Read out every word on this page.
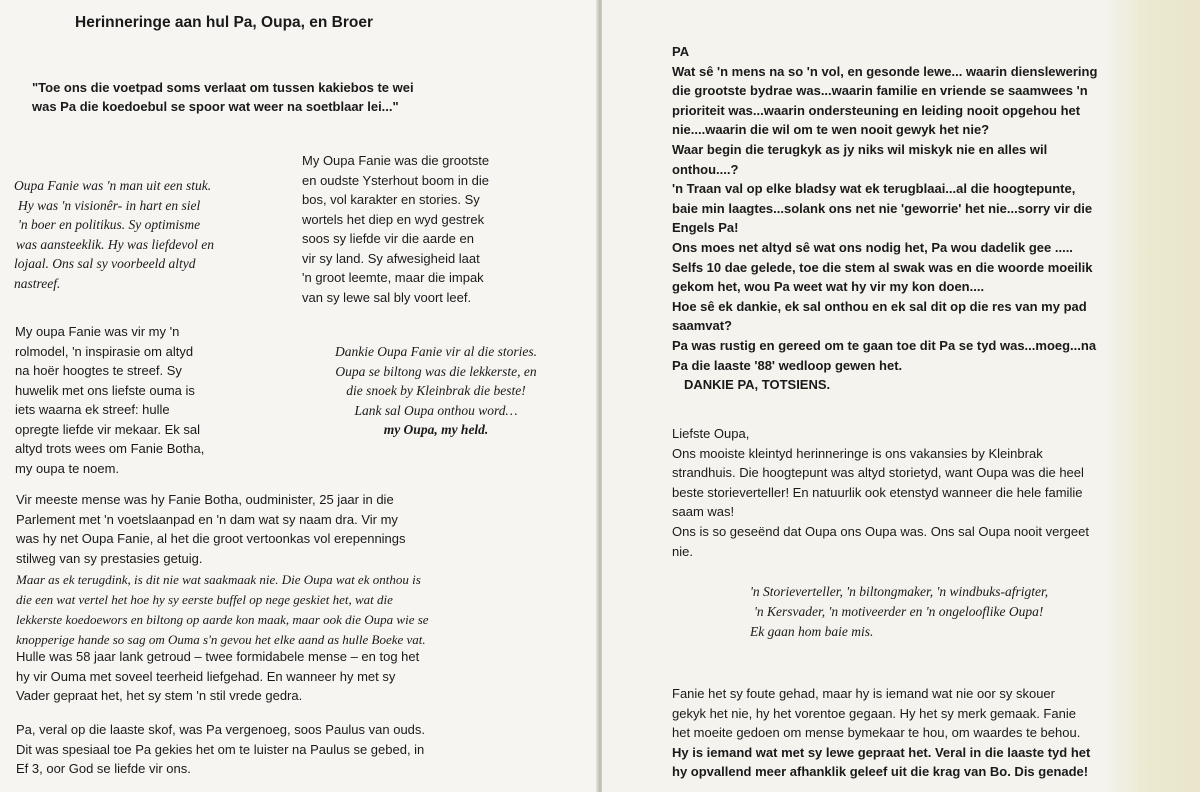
Herinneringe aan hul Pa, Oupa, en Broer
"Toe ons die voetpad soms verlaat om tussen kakiebos te wei
was Pa die koedoebul se spoor wat weer na soetblaar lei..."
Oupa Fanie was 'n man uit een stuk.
Hy was 'n visionêr- in hart en siel
'n boer en politikus. Sy optimisme
was aansteeklik. Hy was liefdevol en
lojaal. Ons sal sy voorbeeld altyd
nastreef.
My Oupa Fanie was die grootste
en oudste Ysterhout boom in die
bos, vol karakter en stories. Sy
wortels het diep en wyd gestrek
soos sy liefde vir die aarde en
vir sy land. Sy afwesigheid laat
'n groot leemte, maar die impak
van sy lewe sal bly voort leef.
My oupa Fanie was vir my 'n
rolmodel, 'n inspirasie om altyd
na hoër hoogtes te streef. Sy
huwelik met ons liefste ouma is
iets waarna ek streef: hulle
opregte liefde vir mekaar. Ek sal
altyd trots wees om Fanie Botha,
my oupa te noem.
Dankie Oupa Fanie vir al die stories.
Oupa se biltong was die lekkerste, en
die snoek by Kleinbrak die beste!
Lank sal Oupa onthou word…
my Oupa, my held.
Vir meeste mense was hy Fanie Botha, oudminister, 25 jaar in die
Parlement met 'n voetslaanpad en 'n dam wat sy naam dra. Vir my
was hy net Oupa Fanie, al het die groot vertoonkas vol erepennings
stilweg van sy prestasies getuig.
Maar as ek terugdink, is dit nie wat saakmaak nie. Die Oupa wat ek onthou is
die een wat vertel het hoe hy sy eerste buffel op nege geskiet het, wat die
lekkerste koedoewors en biltong op aarde kon maak, maar ook die Oupa wie se
knopperige hande so sag om Ouma s'n gevou het elke aand as hulle Boeke vat.
Hulle was 58 jaar lank getroud – twee formidabele mense – en tog het
hy vir Ouma met soveel teerheid liefgehad. En wanneer hy met sy
Vader gepraat het, het sy stem 'n stil vrede gedra.
Pa, veral op die laaste skof, was Pa vergenoeg, soos Paulus van ouds.
Dit was spesiaal toe Pa gekies het om te luister na Paulus se gebed, in
Ef 3, oor God se liefde vir ons.
PA
Wat sê 'n mens na so 'n vol, en gesonde lewe... waarin dienslewering
die grootste bydrae was...waarin familie en vriende se saamwees 'n
prioriteit was...waarin ondersteuning en leiding nooit opgehou het
nie....waarin die wil om te wen nooit gewyk het nie?
Waar begin die terugkyk as jy niks wil miskyk nie en alles wil
onthou....?
'n Traan val op elke bladsy wat ek terugblaai...al die hoogtepunte,
baie min laagtes...solank ons net nie 'geworrie' het nie...sorry vir die
Engels Pa!
Ons moes net altyd sê wat ons nodig het, Pa wou dadelik gee .....
Selfs 10 dae gelede, toe die stem al swak was en die woorde moeilik
gekom het, wou Pa weet wat hy vir my kon doen....
Hoe sê ek dankie, ek sal onthou en ek sal dit op die res van my pad
saamvat?
Pa was rustig en gereed om te gaan toe dit Pa se tyd was...moeg...na
Pa die laaste '88' wedloop gewen het.
DANKIE PA, TOTSIENS.
Liefste Oupa,
Ons mooiste kleintyd herinneringe is ons vakansies by Kleinbrak
strandhuis. Die hoogtepunt was altyd storietyd, want Oupa was die heel
beste storieverteller! En natuurlik ook etenstyd wanneer die hele familie
saam was!
Ons is so geseënd dat Oupa ons Oupa was. Ons sal Oupa nooit vergeet
nie.
'n Storieverteller, 'n biltongmaker, 'n windbuks-afrigter,
'n Kersvader, 'n motiveerder en 'n ongelooflike Oupa!
Ek gaan hom baie mis.
Fanie het sy foute gehad, maar hy is iemand wat nie oor sy skouer
gekyk het nie, hy het vorentoe gegaan. Hy het sy merk gemaak. Fanie
het moeite gedoen om mense bymekaar te hou, om waardes te behou.
Hy is iemand wat met sy lewe gepraat het. Veral in die laaste tyd het
hy opvallend meer afhanklik geleef uit die krag van Bo. Dis genade!
